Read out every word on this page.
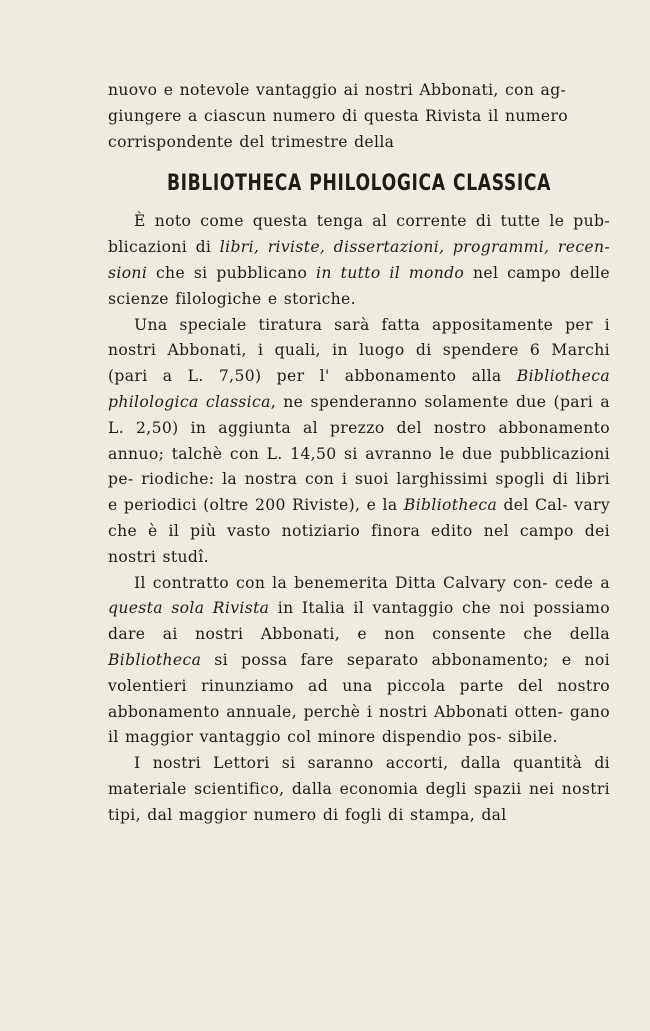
nuovo e notevole vantaggio ai nostri Abbonati, con ag-
giungere a ciascun numero di questa Rivista il numero
corrispondente del trimestre della

BIBLIOTHECA PHILOLOGICA CLASSICA

È noto come questa tenga al corrente di tutte le pub- blicazioni di libri, riviste, dissertazioni, programmi, recen- sioni che si pubblicano in tutto il mondo nel campo delle scienze filologiche e storiche.

Una speciale tiratura sarà fatta appositamente per i nostri Abbonati, i quali, in luogo di spendere 6 Marchi (pari a L. 7,50) per l' abbonamento alla Bibliotheca philologica classica, ne spenderanno solamente due (pari a L. 2,50) in aggiunta al prezzo del nostro abbonamento annuo; talchè con L. 14,50 si avranno le due pubblicazioni pe- riodiche: la nostra con i suoi larghissimi spogli di libri e periodici (oltre 200 Riviste), e la Bibliotheca del Cal- vary che è il più vasto notiziario finora edito nel campo dei nostri studî.

Il contratto con la benemerita Ditta Calvary con- cede a questa sola Rivista in Italia il vantaggio che noi possiamo dare ai nostri Abbonati, e non consente che della Bibliotheca si possa fare separato abbonamento; e noi volentieri rinunziamo ad una piccola parte del nostro abbonamento annuale, perchè i nostri Abbonati otten- gano il maggior vantaggio col minore dispendio pos- sibile.

I nostri Lettori si saranno accorti, dalla quantità di materiale scientifico, dalla economia degli spazii nei nostri tipi, dal maggior numero di fogli di stampa, dal
